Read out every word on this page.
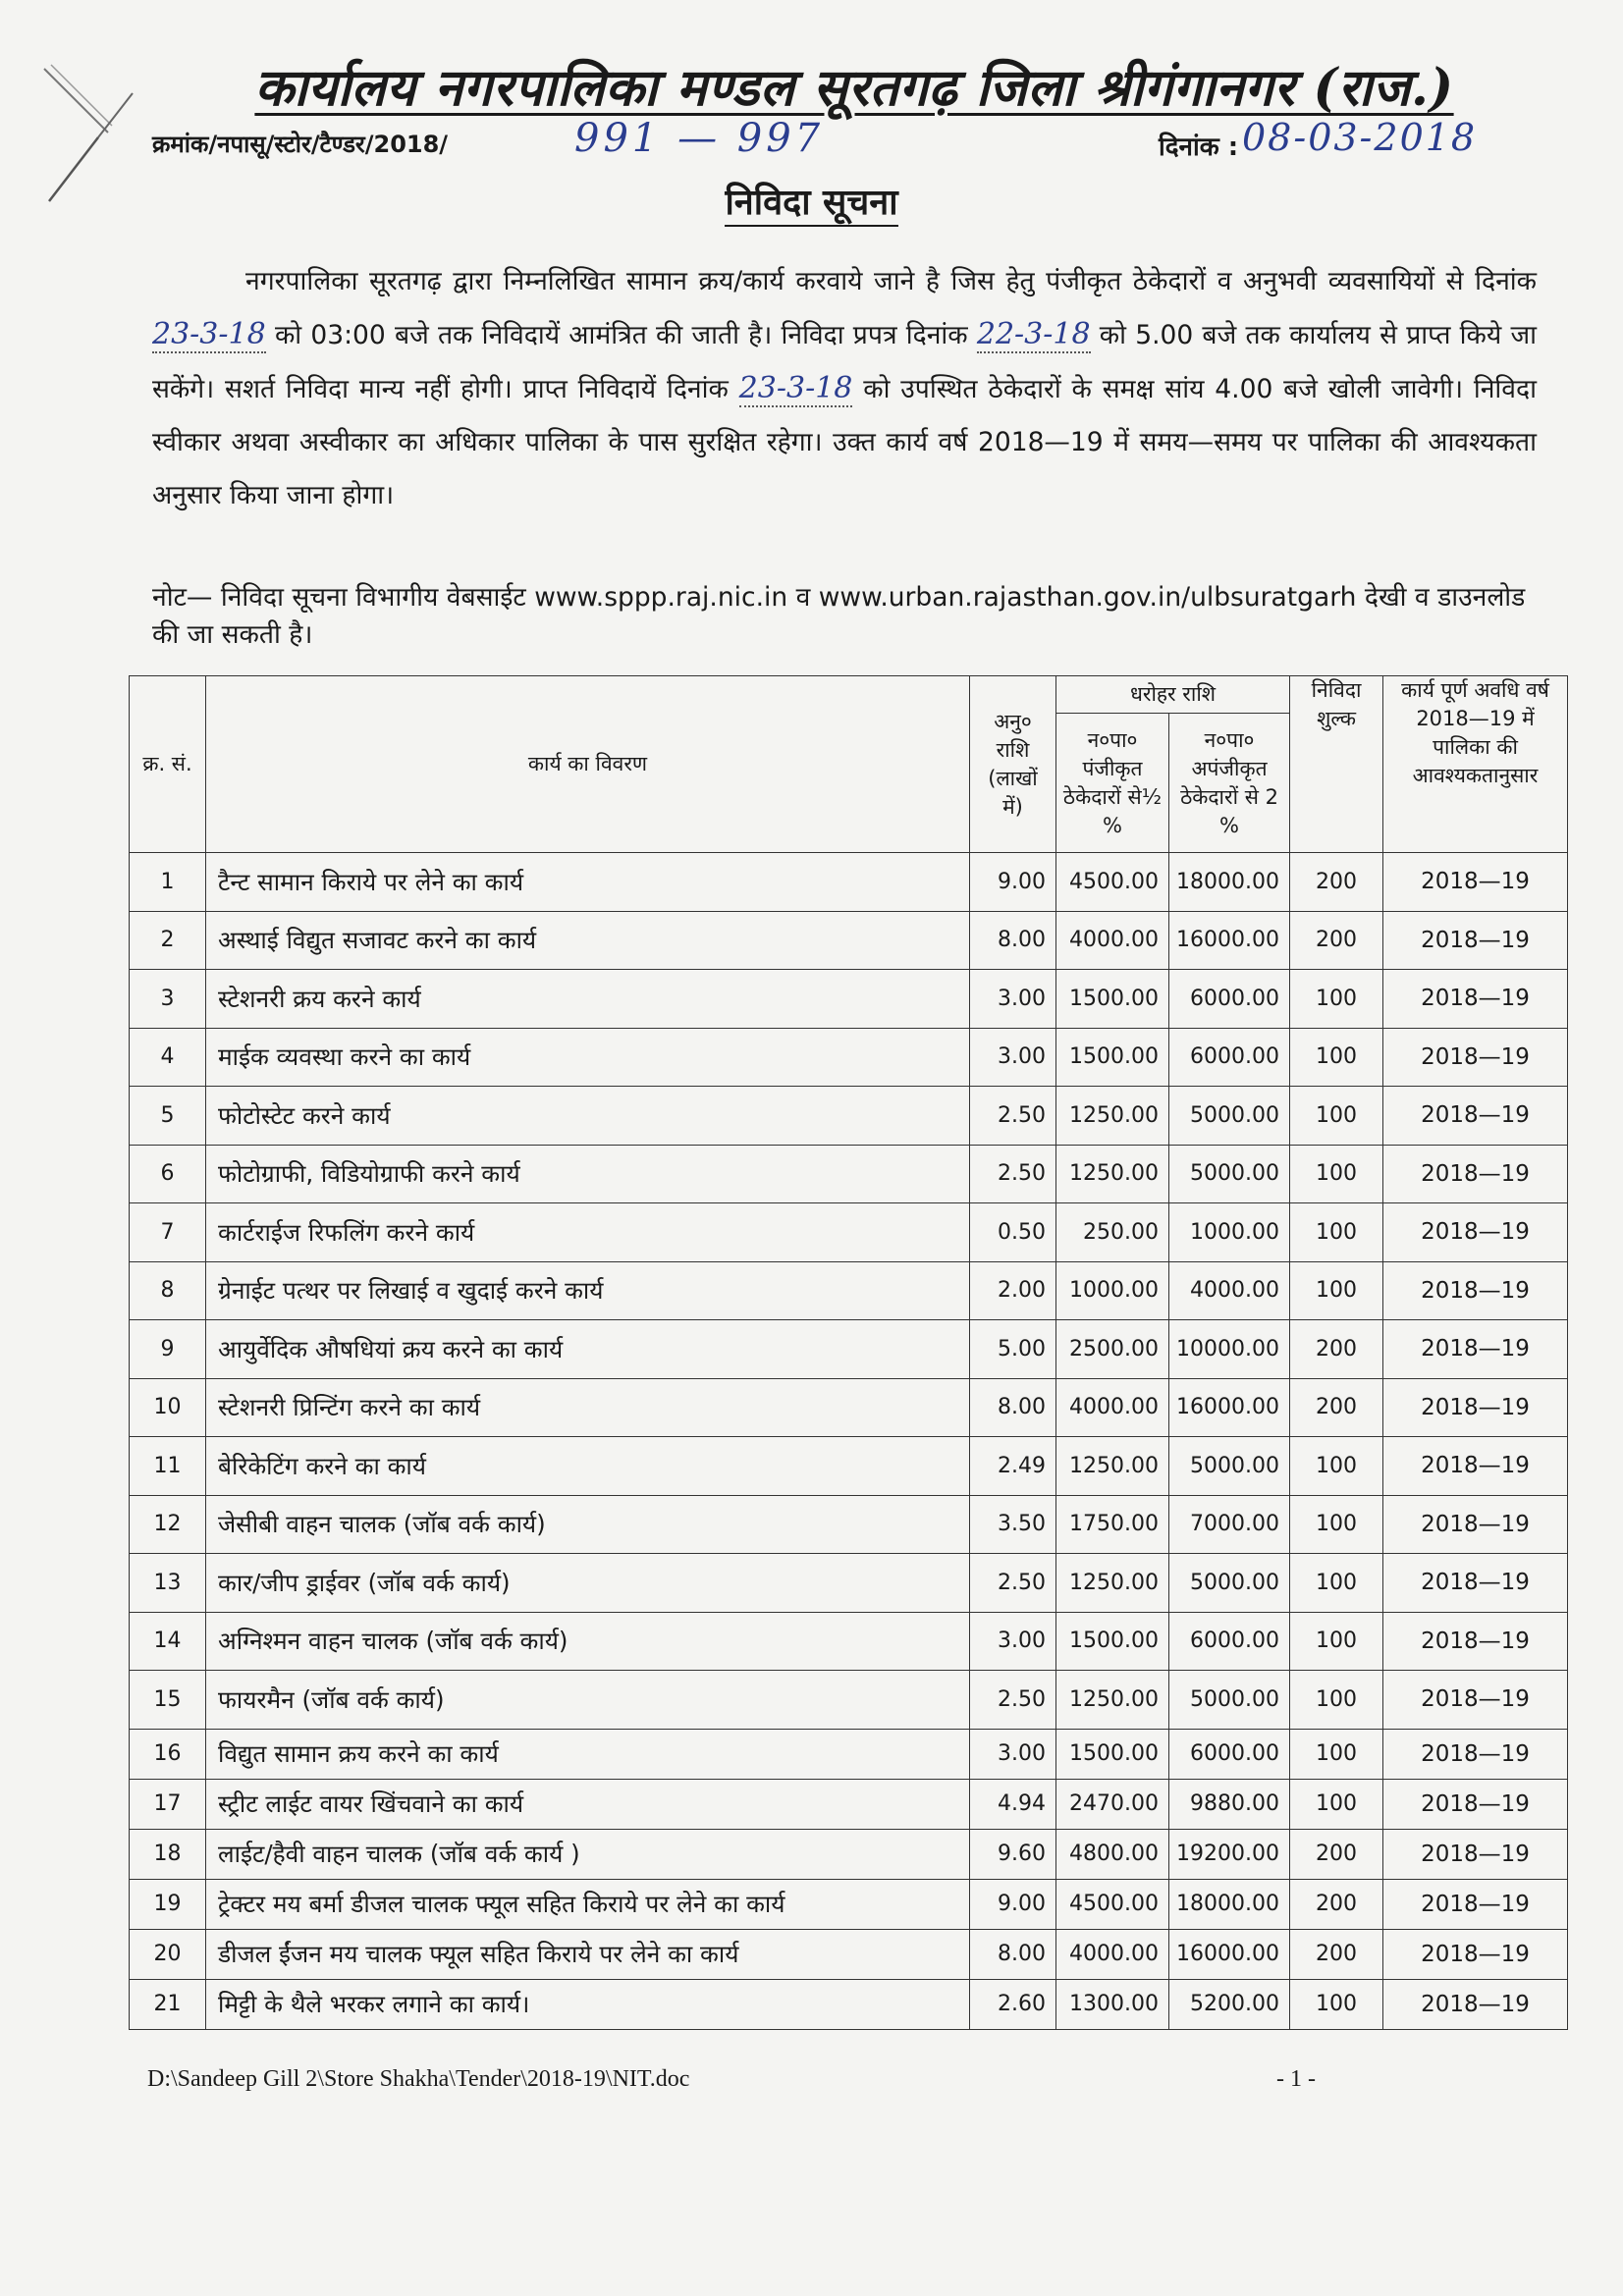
कार्यालय नगरपालिका मण्डल सूरतगढ़ जिला श्रीगंगानगर (राज.)
क्रमांक/नपासू/स्टोर/टैण्डर/2018/	991 — 997	दिनांक : 08-03-2018
निविदा सूचना
नगरपालिका सूरतगढ़ द्वारा निम्नलिखित सामान क्रय/कार्य करवाये जाने है जिस हेतु पंजीकृत ठेकेदारों व अनुभवी व्यवसायियों से दिनांक 23-3-18 को 03:00 बजे तक निविदायें आमंत्रित की जाती है। निविदा प्रपत्र दिनांक 22-3-18 को 5.00 बजे तक कार्यालय से प्राप्त किये जा सकेंगे। सशर्त निविदा मान्य नहीं होगी। प्राप्त निविदायें दिनांक 23-3-18 को उपस्थित ठेकेदारों के समक्ष सांय 4.00 बजे खोली जावेगी। निविदा स्वीकार अथवा अस्वीकार का अधिकार पालिका के पास सुरक्षित रहेगा। उक्त कार्य वर्ष 2018—19 में समय—समय पर पालिका की आवश्यकता अनुसार किया जाना होगा।
नोट— निविदा सूचना विभागीय वेबसाईट www.sppp.raj.nic.in व www.urban.rajasthan.gov.in/ulbsuratgarh देखी व डाउनलोड की जा सकती है।
क्र. सं.	कार्य का विवरण	अनु० राशि (लाखों में)	धरोहर राशि		निविदा शुल्क	कार्य पूर्ण अवधि वर्ष 2018—19 में पालिका की आवश्यकतानुसार
			न०पा० पंजीकृत ठेकेदारों से½ %	न०पा० अपंजीकृत ठेकेदारों से 2 %		
1	टैन्ट सामान किराये पर लेने का कार्य	9.00	4500.00	18000.00	200	2018—19
2	अस्थाई विद्युत सजावट करने का कार्य	8.00	4000.00	16000.00	200	2018—19
3	स्टेशनरी क्रय करने कार्य	3.00	1500.00	6000.00	100	2018—19
4	माईक व्यवस्था करने का कार्य	3.00	1500.00	6000.00	100	2018—19
5	फोटोस्टेट करने कार्य	2.50	1250.00	5000.00	100	2018—19
6	फोटोग्राफी, विडियोग्राफी करने कार्य	2.50	1250.00	5000.00	100	2018—19
7	कार्टराईज रिफलिंग करने कार्य	0.50	250.00	1000.00	100	2018—19
8	ग्रेनाईट पत्थर पर लिखाई व खुदाई करने कार्य	2.00	1000.00	4000.00	100	2018—19
9	आयुर्वेदिक औषधियां क्रय करने का कार्य	5.00	2500.00	10000.00	200	2018—19
10	स्टेशनरी प्रिन्टिंग करने का कार्य	8.00	4000.00	16000.00	200	2018—19
11	बेरिकेटिंग करने का कार्य	2.49	1250.00	5000.00	100	2018—19
12	जेसीबी वाहन चालक (जॉब वर्क कार्य)	3.50	1750.00	7000.00	100	2018—19
13	कार/जीप ड्राईवर (जॉब वर्क कार्य)	2.50	1250.00	5000.00	100	2018—19
14	अग्निश्मन वाहन चालक (जॉब वर्क कार्य)	3.00	1500.00	6000.00	100	2018—19
15	फायरमैन (जॉब वर्क कार्य)	2.50	1250.00	5000.00	100	2018—19
16	विद्युत सामान क्रय करने का कार्य	3.00	1500.00	6000.00	100	2018—19
17	स्ट्रीट लाईट वायर खिंचवाने का कार्य	4.94	2470.00	9880.00	100	2018—19
18	लाईट/हैवी वाहन चालक (जॉब वर्क कार्य )	9.60	4800.00	19200.00	200	2018—19
19	ट्रेक्टर मय बर्मा डीजल चालक फ्यूल सहित किराये पर लेने का कार्य	9.00	4500.00	18000.00	200	2018—19
20	डीजल ईंजन मय चालक फ्यूल सहित किराये पर लेने का कार्य	8.00	4000.00	16000.00	200	2018—19
21	मिट्टी के थैले भरकर लगाने का कार्य।	2.60	1300.00	5200.00	100	2018—19
D:\Sandeep Gill 2\Store Shakha\Tender\2018-19\NIT.doc	- 1 -
